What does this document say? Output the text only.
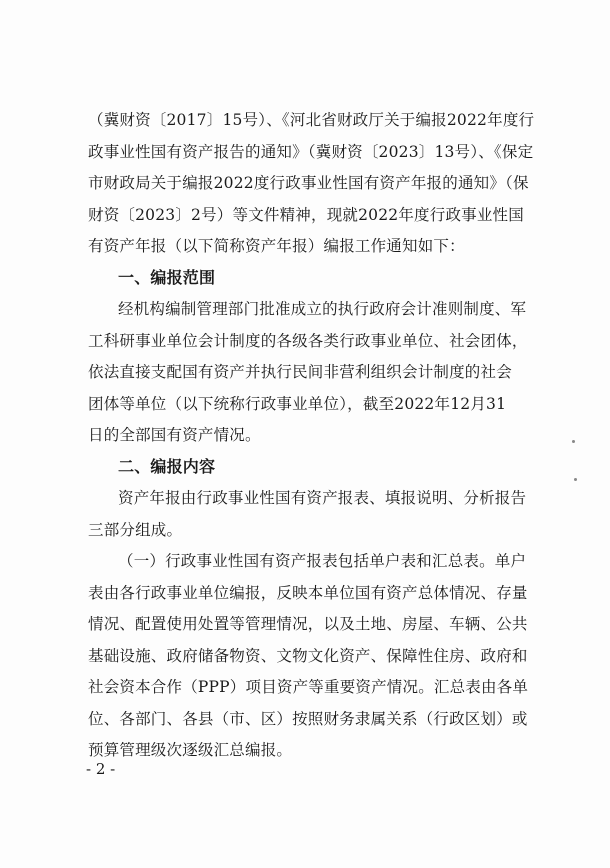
（冀财资〔2017〕15号）、《河北省财政厅关于编报2022年度行
政事业性国有资产报告的通知》（冀财资〔2023〕13号）、《保定
市财政局关于编报2022度行政事业性国有资产年报的通知》（保
财资〔2023〕2号）等文件精神，现就2022年度行政事业性国
有资产年报（以下简称资产年报）编报工作通知如下：
一、编报范围
经机构编制管理部门批准成立的执行政府会计准则制度、军
工科研事业单位会计制度的各级各类行政事业单位、社会团体，
依法直接支配国有资产并执行民间非营利组织会计制度的社会
团体等单位（以下统称行政事业单位），截至2022年12月31
日的全部国有资产情况。
二、编报内容
资产年报由行政事业性国有资产报表、填报说明、分析报告
三部分组成。
（一）行政事业性国有资产报表包括单户表和汇总表。单户
表由各行政事业单位编报，反映本单位国有资产总体情况、存量
情况、配置使用处置等管理情况，以及土地、房屋、车辆、公共
基础设施、政府储备物资、文物文化资产、保障性住房、政府和
社会资本合作（PPP）项目资产等重要资产情况。汇总表由各单
位、各部门、各县（市、区）按照财务隶属关系（行政区划）或
预算管理级次逐级汇总编报。
- 2 -
